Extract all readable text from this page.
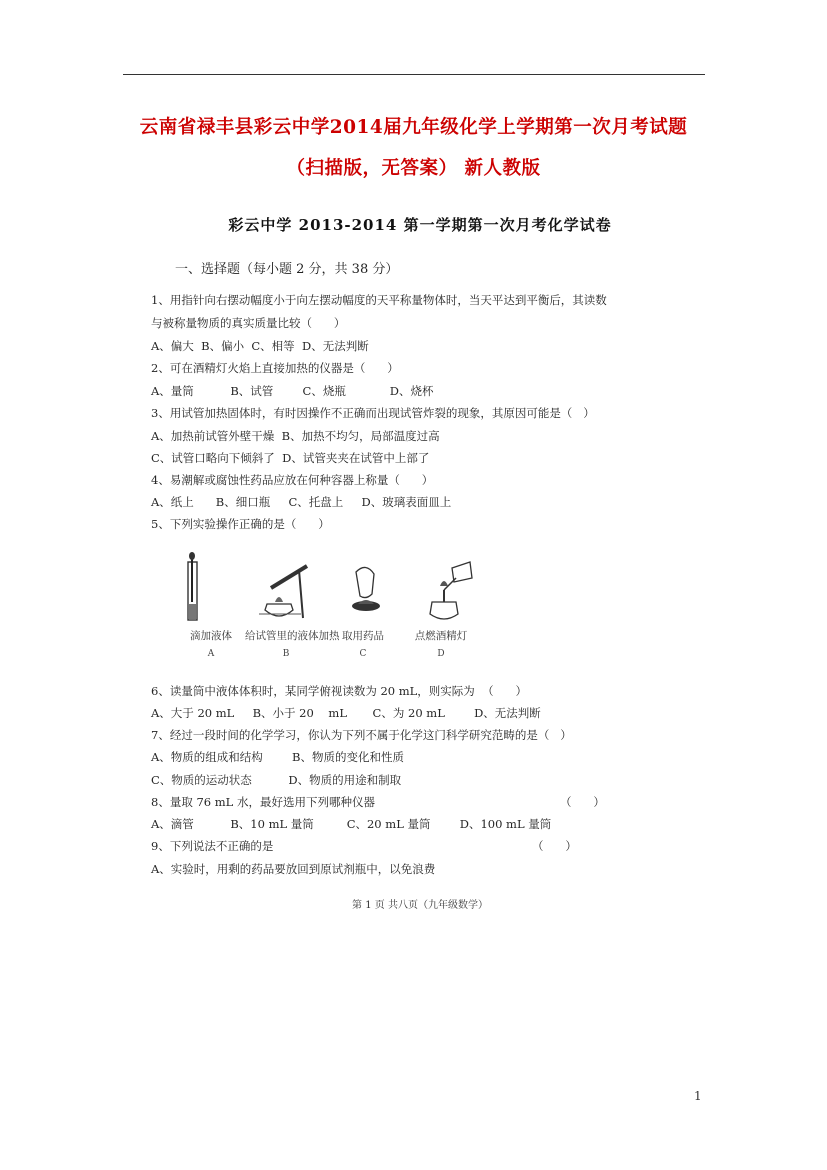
云南省禄丰县彩云中学2014届九年级化学上学期第一次月考试题
（扫描版，无答案） 新人教版
彩云中学 2013-2014 第一学期第一次月考化学试卷
一、选择题（每小题 2 分，共 38 分）
1、用指针向右摆动幅度小于向左摆动幅度的天平称量物体时，当天平达到平衡后，其读数
与被称量物质的真实质量比较（      ）
A、偏大  B、偏小  C、相等  D、无法判断
2、可在酒精灯火焰上直接加热的仪器是（      ）
A、量筒          B、试管        C、烧瓶            D、烧杯
3、用试管加热固体时，有时因操作不正确而出现试管炸裂的现象，其原因可能是（   ）
A、加热前试管外壁干燥  B、加热不均匀，局部温度过高
C、试管口略向下倾斜了  D、试管夹夹在试管中上部了
4、易潮解或腐蚀性药品应放在何种容器上称量（      ）
A、纸上      B、细口瓶     C、托盘上     D、玻璃表面皿上
5、下列实验操作正确的是（      ）
滴加液体
A
给试管里的液体加热
B
取用药品
C
点燃酒精灯
D
6、读量筒中液体体积时，某同学俯视读数为 20 mL，则实际为  （      ）
A、大于 20 mL     B、小于 20    mL       C、为 20 mL        D、无法判断
7、经过一段时间的化学学习，你认为下列不属于化学这门科学研究范畴的是（   ）
A、物质的组成和结构        B、物质的变化和性质
C、物质的运动状态          D、物质的用途和制取
8、量取 76 mL 水，最好选用下列哪种仪器	（      ）
A、滴管          B、10 mL 量筒         C、20 mL 量筒        D、100 mL 量筒
9、下列说法不正确的是	（      ）
A、实验时，用剩的药品要放回到原试剂瓶中，以免浪费
第 1 页 共八页（九年级数学）
1
